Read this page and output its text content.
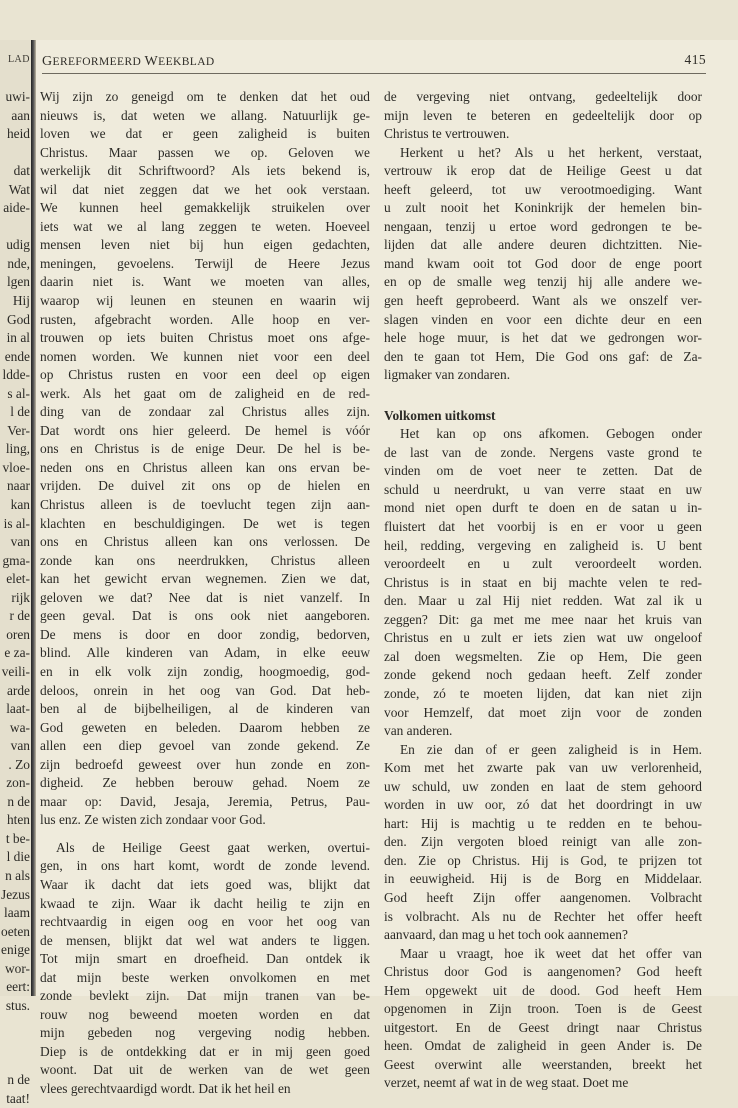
LAD
uwi-
aan
heid
dat
Wat
aide-
udig
nde,
lgen
Hij
God
in al
ende
ldde-
s al-
l de
Ver-
ling,
vloe-
naar
kan
is al-
van
gma-
elet-
rijk
r de
oren
e za-
veili-
arde
laat-
wa-
van
. Zo
zon-
n de
hten
t be-
l die
n als
Jezus
laam
oeten
enige
wor-
eert:
stus.
n de
taat!
GEREFORMEERD WEEKBLAD	415
Wij zijn zo geneigd om te denken dat het oud
nieuws is, dat weten we allang. Natuurlijk ge-
loven we dat er geen zaligheid is buiten
Christus. Maar passen we op. Geloven we
werkelijk dit Schriftwoord? Als iets bekend is,
wil dat niet zeggen dat we het ook verstaan.
We kunnen heel gemakkelijk struikelen over
iets wat we al lang zeggen te weten. Hoeveel
mensen leven niet bij hun eigen gedachten,
meningen, gevoelens. Terwijl de Heere Jezus
daarin niet is. Want we moeten van alles,
waarop wij leunen en steunen en waarin wij
rusten, afgebracht worden. Alle hoop en ver-
trouwen op iets buiten Christus moet ons afge-
nomen worden. We kunnen niet voor een deel
op Christus rusten en voor een deel op eigen
werk. Als het gaat om de zaligheid en de red-
ding van de zondaar zal Christus alles zijn.
Dat wordt ons hier geleerd. De hemel is vóór
ons en Christus is de enige Deur. De hel is be-
neden ons en Christus alleen kan ons ervan be-
vrijden. De duivel zit ons op de hielen en
Christus alleen is de toevlucht tegen zijn aan-
klachten en beschuldigingen. De wet is tegen
ons en Christus alleen kan ons verlossen. De
zonde kan ons neerdrukken, Christus alleen
kan het gewicht ervan wegnemen. Zien we dat,
geloven we dat? Nee dat is niet vanzelf. In
geen geval. Dat is ons ook niet aangeboren.
De mens is door en door zondig, bedorven,
blind. Alle kinderen van Adam, in elke eeuw
en in elk volk zijn zondig, hoogmoedig, god-
deloos, onrein in het oog van God. Dat heb-
ben al de bijbelheiligen, al de kinderen van
God geweten en beleden. Daarom hebben ze
allen een diep gevoel van zonde gekend. Ze
zijn bedroefd geweest over hun zonde en zon-
digheid. Ze hebben berouw gehad. Noem ze
maar op: David, Jesaja, Jeremia, Petrus, Pau-
lus enz. Ze wisten zich zondaar voor God.
Als de Heilige Geest gaat werken, overtui-
gen, in ons hart komt, wordt de zonde levend.
Waar ik dacht dat iets goed was, blijkt dat
kwaad te zijn. Waar ik dacht heilig te zijn en
rechtvaardig in eigen oog en voor het oog van
de mensen, blijkt dat wel wat anders te liggen.
Tot mijn smart en droefheid. Dan ontdek ik
dat mijn beste werken onvolkomen en met
zonde bevlekt zijn. Dat mijn tranen van be-
rouw nog beweend moeten worden en dat
mijn gebeden nog vergeving nodig hebben.
Diep is de ontdekking dat er in mij geen goed
woont. Dat uit de werken van de wet geen
vlees gerechtvaardigd wordt. Dat ik het heil en
de vergeving niet ontvang, gedeeltelijk door
mijn leven te beteren en gedeeltelijk door op
Christus te vertrouwen.
Herkent u het? Als u het herkent, verstaat,
vertrouw ik erop dat de Heilige Geest u dat
heeft geleerd, tot uw verootmoediging. Want
u zult nooit het Koninkrijk der hemelen bin-
nengaan, tenzij u ertoe word gedrongen te be-
lijden dat alle andere deuren dichtzitten. Nie-
mand kwam ooit tot God door de enge poort
en op de smalle weg tenzij hij alle andere we-
gen heeft geprobeerd. Want als we onszelf ver-
slagen vinden en voor een dichte deur en een
hele hoge muur, is het dat we gedrongen wor-
den te gaan tot Hem, Die God ons gaf: de Za-
ligmaker van zondaren.
Volkomen uitkomst
Het kan op ons afkomen. Gebogen onder
de last van de zonde. Nergens vaste grond te
vinden om de voet neer te zetten. Dat de
schuld u neerdrukt, u van verre staat en uw
mond niet open durft te doen en de satan u in-
fluistert dat het voorbij is en er voor u geen
heil, redding, vergeving en zaligheid is. U bent
veroordeelt en u zult veroordeelt worden.
Christus is in staat en bij machte velen te red-
den. Maar u zal Hij niet redden. Wat zal ik u
zeggen? Dit: ga met me mee naar het kruis van
Christus en u zult er iets zien wat uw ongeloof
zal doen wegsmelten. Zie op Hem, Die geen
zonde gekend noch gedaan heeft. Zelf zonder
zonde, zó te moeten lijden, dat kan niet zijn
voor Hemzelf, dat moet zijn voor de zonden
van anderen.
En zie dan of er geen zaligheid is in Hem.
Kom met het zwarte pak van uw verlorenheid,
uw schuld, uw zonden en laat de stem gehoord
worden in uw oor, zó dat het doordringt in uw
hart: Hij is machtig u te redden en te behou-
den. Zijn vergoten bloed reinigt van alle zon-
den. Zie op Christus. Hij is God, te prijzen tot
in eeuwigheid. Hij is de Borg en Middelaar.
God heeft Zijn offer aangenomen. Volbracht
is volbracht. Als nu de Rechter het offer heeft
aanvaard, dan mag u het toch ook aannemen?
Maar u vraagt, hoe ik weet dat het offer van
Christus door God is aangenomen? God heeft
Hem opgewekt uit de dood. God heeft Hem
opgenomen in Zijn troon. Toen is de Geest
uitgestort. En de Geest dringt naar Christus
heen. Omdat de zaligheid in geen Ander is. De
Geest overwint alle weerstanden, breekt het
verzet, neemt af wat in de weg staat. Doet me
